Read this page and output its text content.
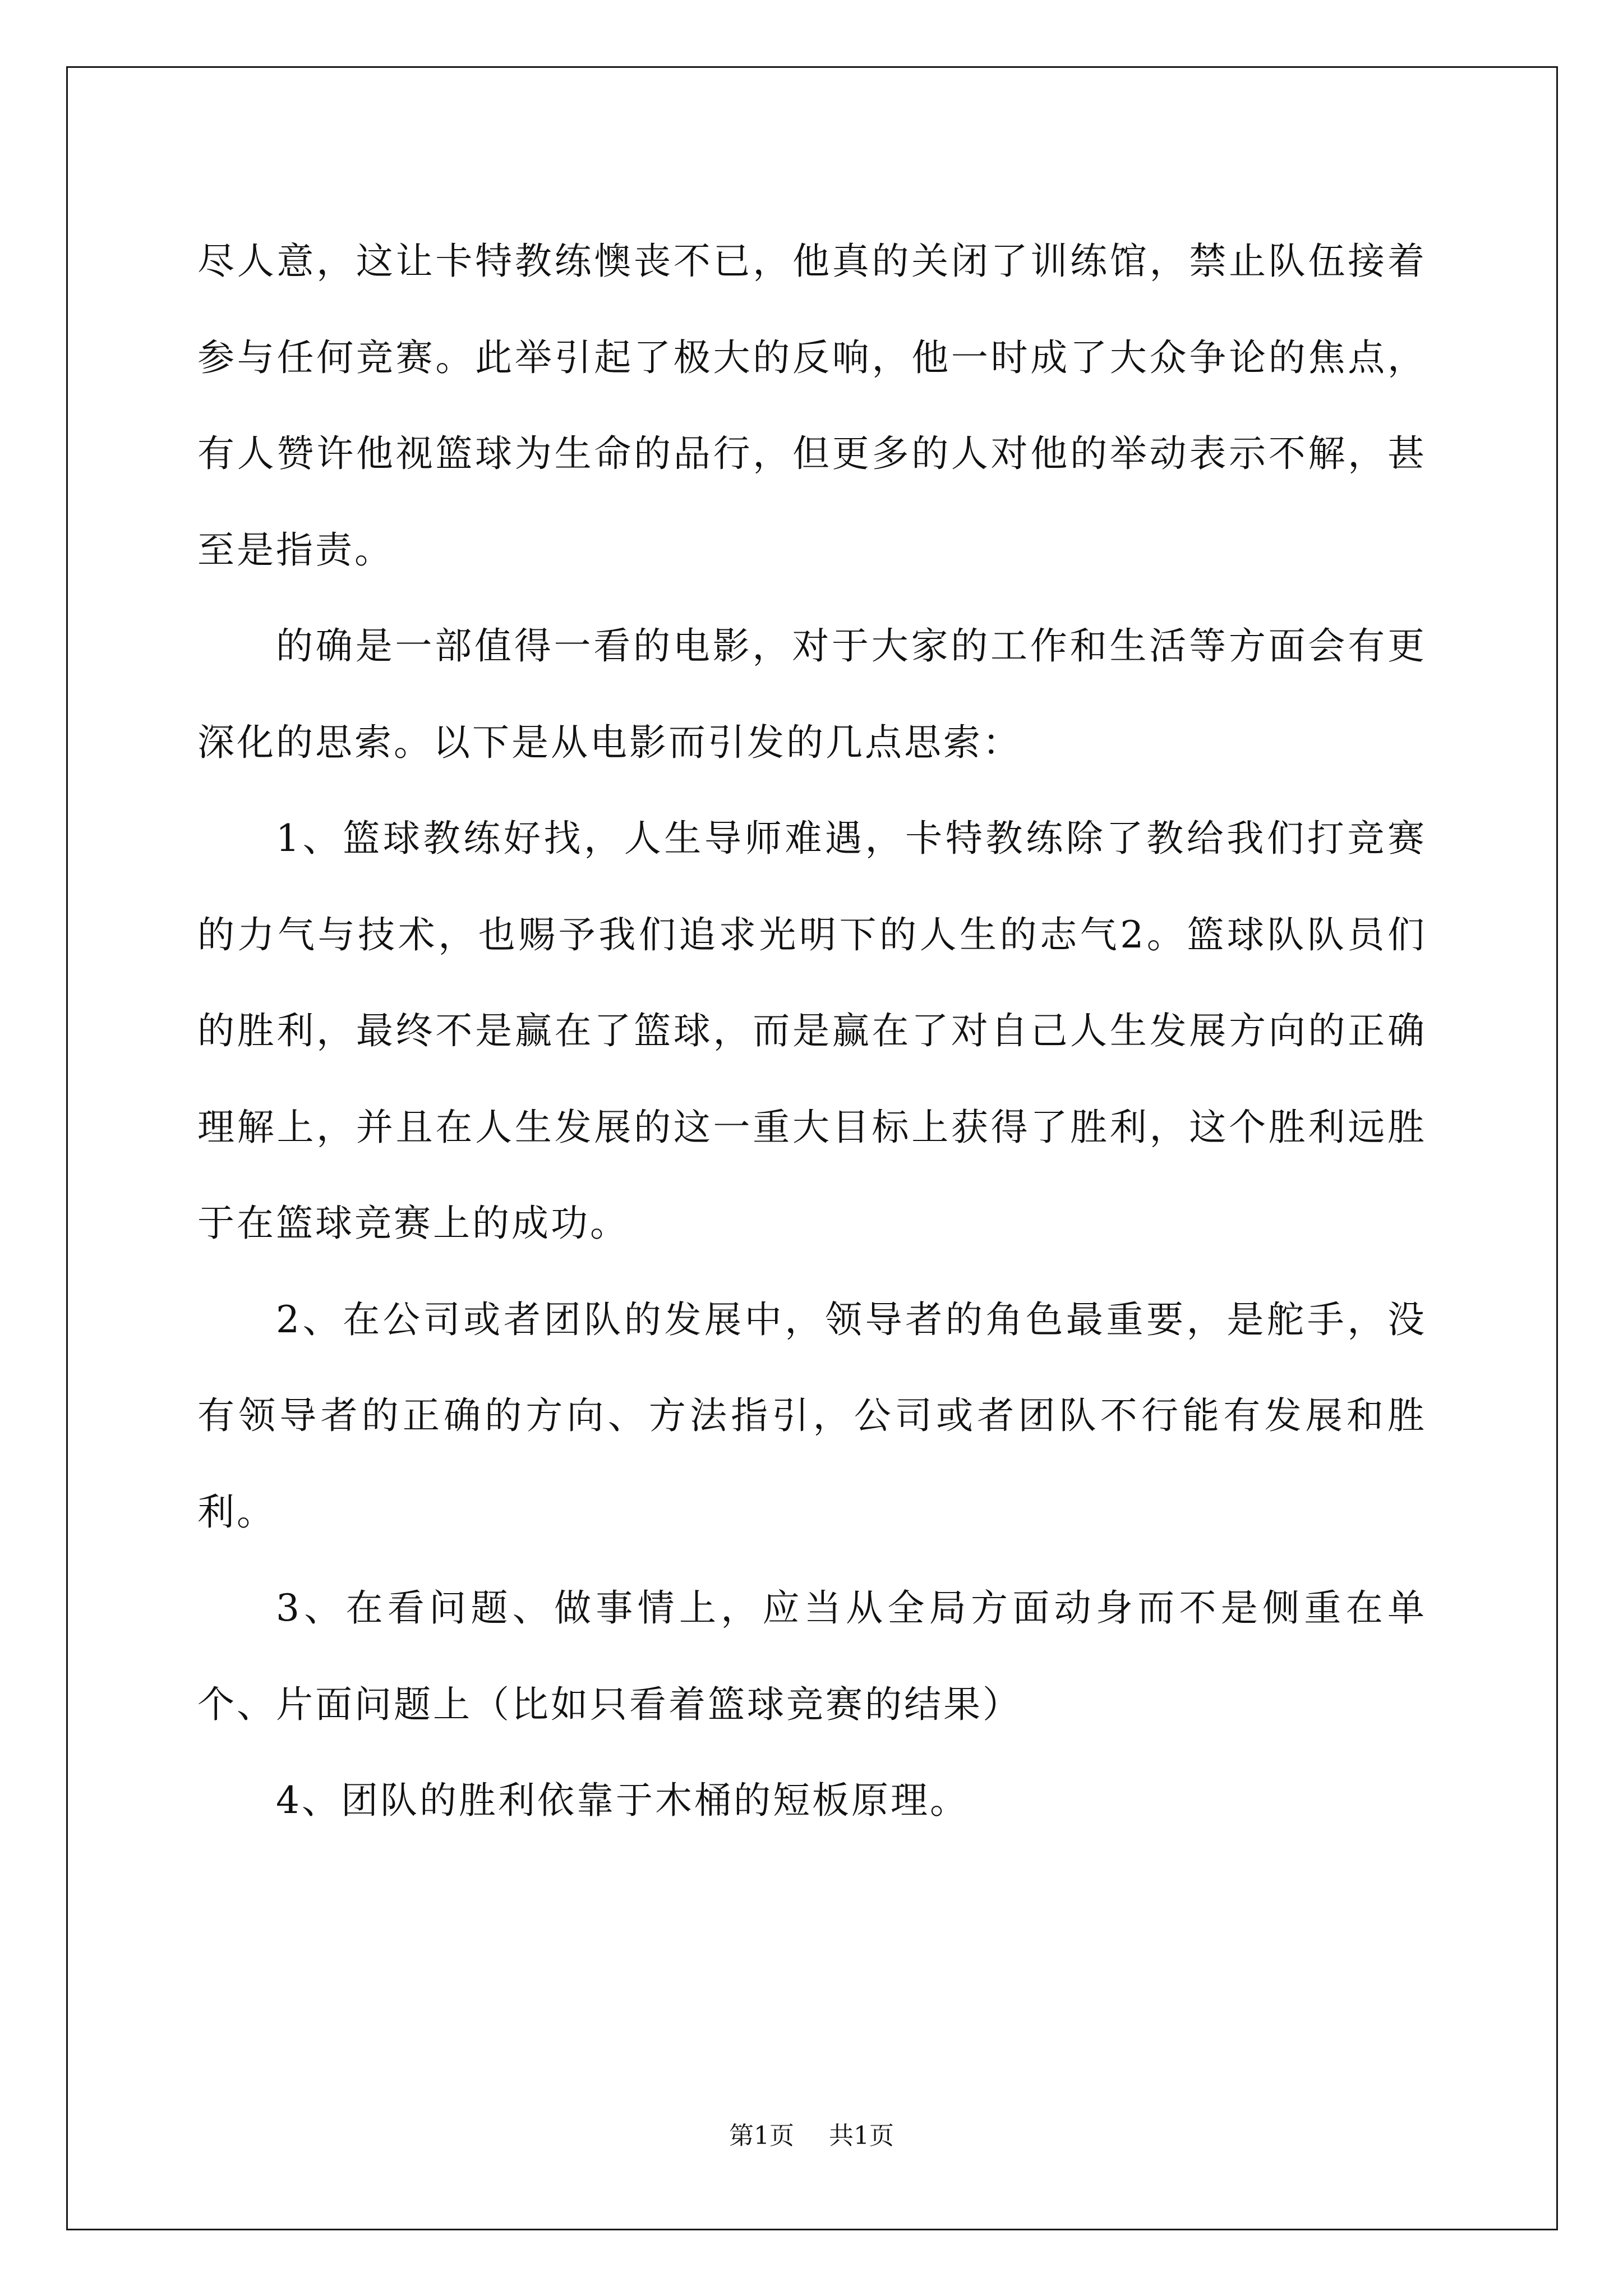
尽人意，这让卡特教练懊丧不已，他真的关闭了训练馆，禁止队伍接着参与任何竞赛。此举引起了极大的反响，他一时成了大众争论的焦点，有人赞许他视篮球为生命的品行，但更多的人对他的举动表示不解，甚至是指责。

的确是一部值得一看的电影，对于大家的工作和生活等方面会有更深化的思索。以下是从电影而引发的几点思索：

1、篮球教练好找，人生导师难遇，卡特教练除了教给我们打竞赛的力气与技术，也赐予我们追求光明下的人生的志气2。篮球队队员们的胜利，最终不是赢在了篮球，而是赢在了对自己人生发展方向的正确理解上，并且在人生发展的这一重大目标上获得了胜利，这个胜利远胜于在篮球竞赛上的成功。

2、在公司或者团队的发展中，领导者的角色最重要，是舵手，没有领导者的正确的方向、方法指引，公司或者团队不行能有发展和胜利。

3、在看问题、做事情上，应当从全局方面动身而不是侧重在单个、片面问题上（比如只看着篮球竞赛的结果）

4、团队的胜利依靠于木桶的短板原理。

第1页 共1页
